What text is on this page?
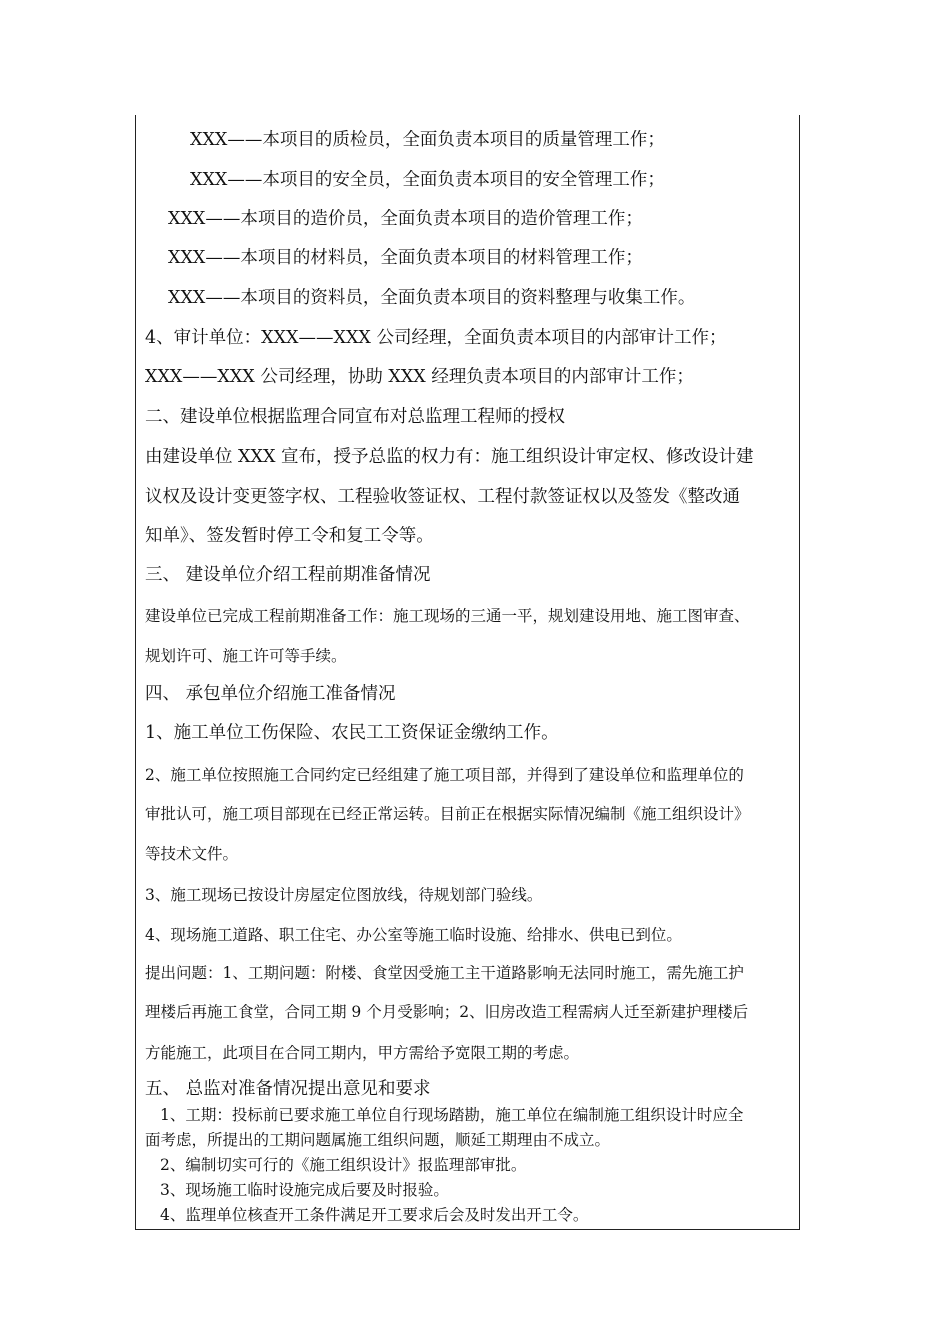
XXX——本项目的质检员，全面负责本项目的质量管理工作；
XXX——本项目的安全员，全面负责本项目的安全管理工作；
XXX——本项目的造价员，全面负责本项目的造价管理工作；
XXX——本项目的材料员，全面负责本项目的材料管理工作；
XXX——本项目的资料员，全面负责本项目的资料整理与收集工作。
4、审计单位：XXX——XXX 公司经理，全面负责本项目的内部审计工作；
XXX——XXX 公司经理，协助 XXX 经理负责本项目的内部审计工作；
二、建设单位根据监理合同宣布对总监理工程师的授权
由建设单位 XXX 宣布，授予总监的权力有：施工组织设计审定权、修改设计建
议权及设计变更签字权、工程验收签证权、工程付款签证权以及签发《整改通
知单》、签发暂时停工令和复工令等。
三、 建设单位介绍工程前期准备情况
建设单位已完成工程前期准备工作：施工现场的三通一平，规划建设用地、施工图审查、
规划许可、施工许可等手续。
四、 承包单位介绍施工准备情况
1、施工单位工伤保险、农民工工资保证金缴纳工作。
2、施工单位按照施工合同约定已经组建了施工项目部，并得到了建设单位和监理单位的
审批认可，施工项目部现在已经正常运转。目前正在根据实际情况编制《施工组织设计》
等技术文件。
3、施工现场已按设计房屋定位图放线，待规划部门验线。
4、现场施工道路、职工住宅、办公室等施工临时设施、给排水、供电已到位。
提出问题：1、工期问题：附楼、食堂因受施工主干道路影响无法同时施工，需先施工护
理楼后再施工食堂，合同工期 9 个月受影响；2、旧房改造工程需病人迁至新建护理楼后
方能施工，此项目在合同工期内，甲方需给予宽限工期的考虑。
五、 总监对准备情况提出意见和要求
1、工期：投标前已要求施工单位自行现场踏勘，施工单位在编制施工组织设计时应全
面考虑，所提出的工期问题属施工组织问题，顺延工期理由不成立。
2、编制切实可行的《施工组织设计》报监理部审批。
3、现场施工临时设施完成后要及时报验。
4、监理单位核查开工条件满足开工要求后会及时发出开工令。
